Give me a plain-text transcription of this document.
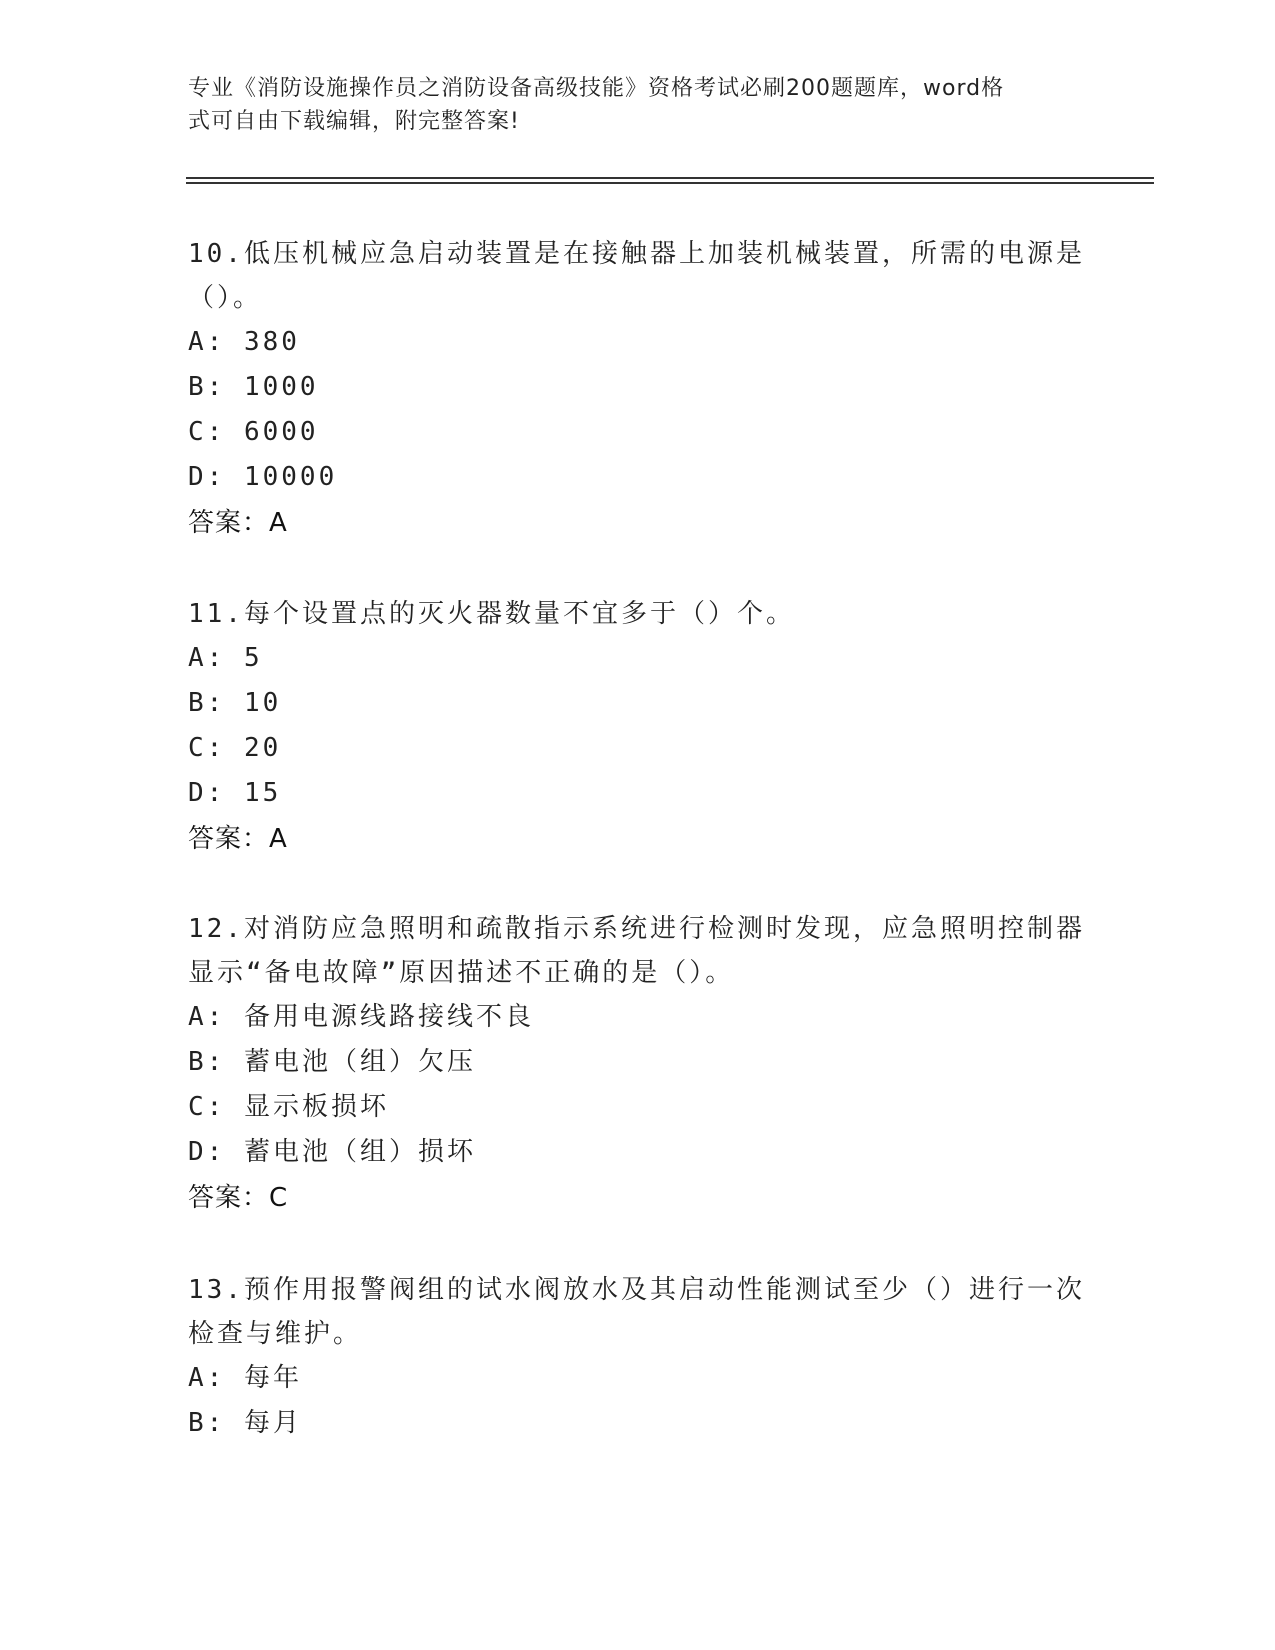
专业《消防设施操作员之消防设备高级技能》资格考试必刷200题题库，word格
式可自由下载编辑，附完整答案!
10.低压机械应急启动装置是在接触器上加装机械装置，所需的电源是
（）。
A: 380
B: 1000
C: 6000
D: 10000
答案：A
11.每个设置点的灭火器数量不宜多于（）个。
A: 5
B: 10
C: 20
D: 15
答案：A
12.对消防应急照明和疏散指示系统进行检测时发现，应急照明控制器
显示“备电故障”原因描述不正确的是（）。
A: 备用电源线路接线不良
B: 蓄电池（组）欠压
C: 显示板损坏
D: 蓄电池（组）损坏
答案：C
13.预作用报警阀组的试水阀放水及其启动性能测试至少（）进行一次
检查与维护。
A: 每年
B: 每月
